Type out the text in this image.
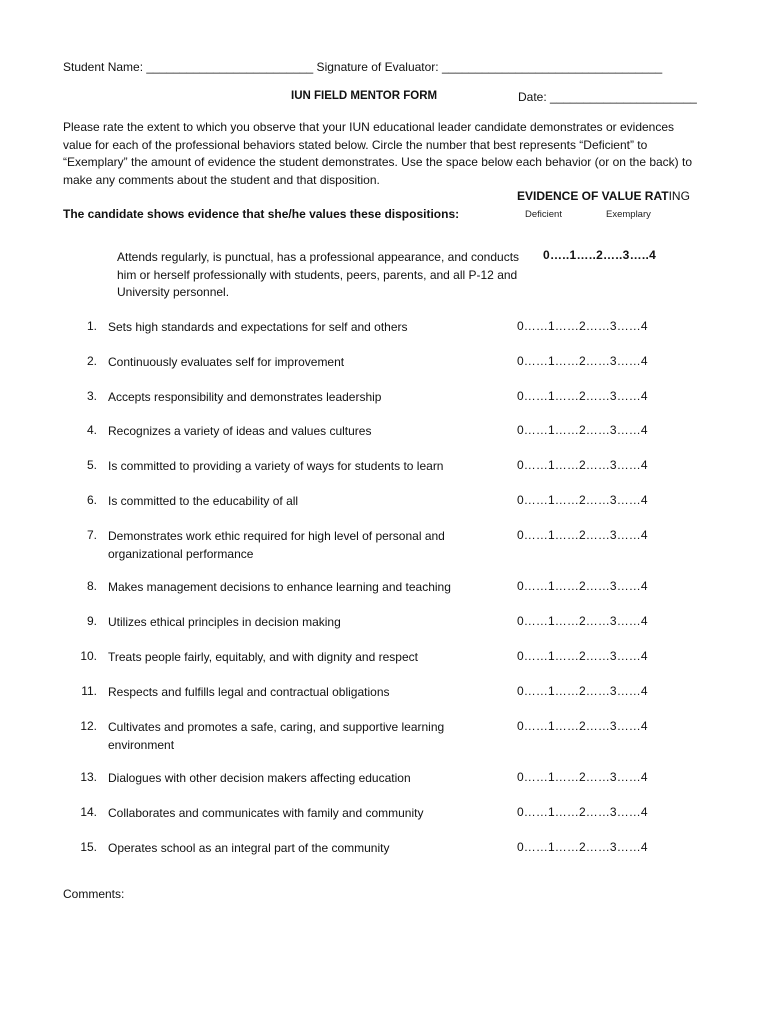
Student Name: _________________________ Signature of Evaluator: _________________________________
IUN FIELD MENTOR FORM	Date: ______________________
Please rate the extent to which you observe that your IUN educational leader candidate demonstrates or evidences value for each of the professional behaviors stated below. Circle the number that best represents “Deficient” to “Exemplary” the amount of evidence the student demonstrates. Use the space below each behavior (or on the back) to make any comments about the student and that disposition.
EVIDENCE OF VALUE RATING
The candidate shows evidence that she/he values these dispositions:	Deficient	Exemplary
Attends regularly, is punctual, has a professional appearance, and conducts him or herself professionally with students, peers, parents, and all P-12 and University personnel.
0…..1…..2…..3…..4
1. Sets high standards and expectations for self and others	0……1……2……3……4
2. Continuously evaluates self for improvement	0……1……2……3……4
3. Accepts responsibility and demonstrates leadership	0……1……2……3……4
4. Recognizes a variety of ideas and values cultures	0……1……2……3……4
5. Is committed to providing a variety of ways for students to learn	0……1……2……3……4
6. Is committed to the educability of all	0……1……2……3……4
7. Demonstrates work ethic required for high level of personal and organizational performance
0……1……2……3……4
8. Makes management decisions to enhance learning and teaching	0……1……2……3……4
9. Utilizes ethical principles in decision making	0……1……2……3……4
10. Treats people fairly, equitably, and with dignity and respect	0……1……2……3……4
11. Respects and fulfills legal and contractual obligations	0……1……2……3……4
12. Cultivates and promotes a safe, caring, and supportive learning environment
0……1……2……3……4
13. Dialogues with other decision makers affecting education	0……1……2……3……4
14. Collaborates and communicates with family and community	0……1……2……3……4
15. Operates school as an integral part of the community	0……1……2……3……4
Comments:
